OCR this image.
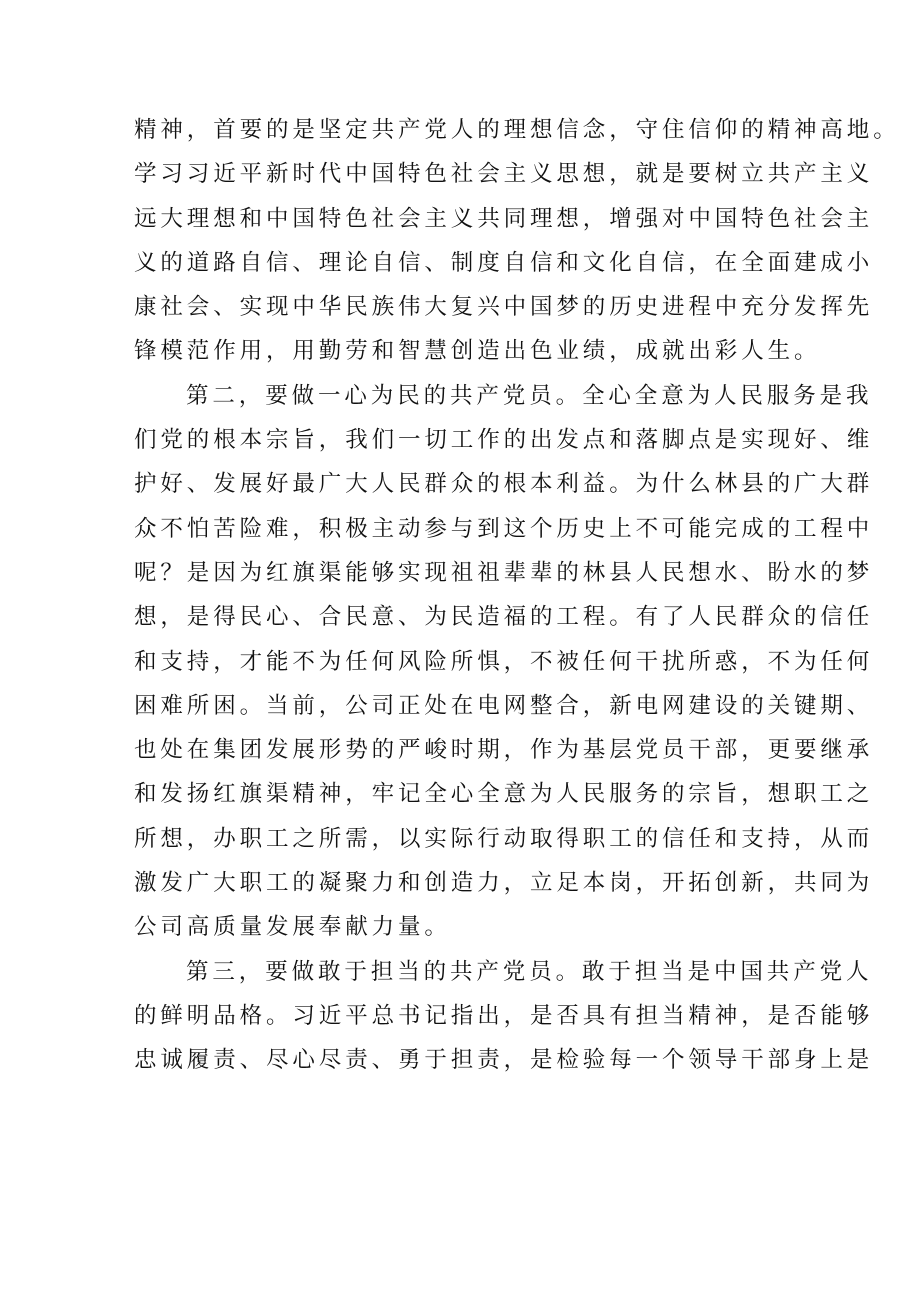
精神，首要的是坚定共产党人的理想信念，守住信仰的精神高地。
学习习近平新时代中国特色社会主义思想，就是要树立共产主义
远大理想和中国特色社会主义共同理想，增强对中国特色社会主
义的道路自信、理论自信、制度自信和文化自信，在全面建成小
康社会、实现中华民族伟大复兴中国梦的历史进程中充分发挥先
锋模范作用，用勤劳和智慧创造出色业绩，成就出彩人生。
第二，要做一心为民的共产党员。全心全意为人民服务是我
们党的根本宗旨，我们一切工作的出发点和落脚点是实现好、维
护好、发展好最广大人民群众的根本利益。为什么林县的广大群
众不怕苦险难，积极主动参与到这个历史上不可能完成的工程中
呢？是因为红旗渠能够实现祖祖辈辈的林县人民想水、盼水的梦
想，是得民心、合民意、为民造福的工程。有了人民群众的信任
和支持，才能不为任何风险所惧，不被任何干扰所惑，不为任何
困难所困。当前，公司正处在电网整合，新电网建设的关键期、
也处在集团发展形势的严峻时期，作为基层党员干部，更要继承
和发扬红旗渠精神，牢记全心全意为人民服务的宗旨，想职工之
所想，办职工之所需，以实际行动取得职工的信任和支持，从而
激发广大职工的凝聚力和创造力，立足本岗，开拓创新，共同为
公司高质量发展奉献力量。
第三，要做敢于担当的共产党员。敢于担当是中国共产党人
的鲜明品格。习近平总书记指出，是否具有担当精神，是否能够
忠诚履责、尽心尽责、勇于担责，是检验每一个领导干部身上是
